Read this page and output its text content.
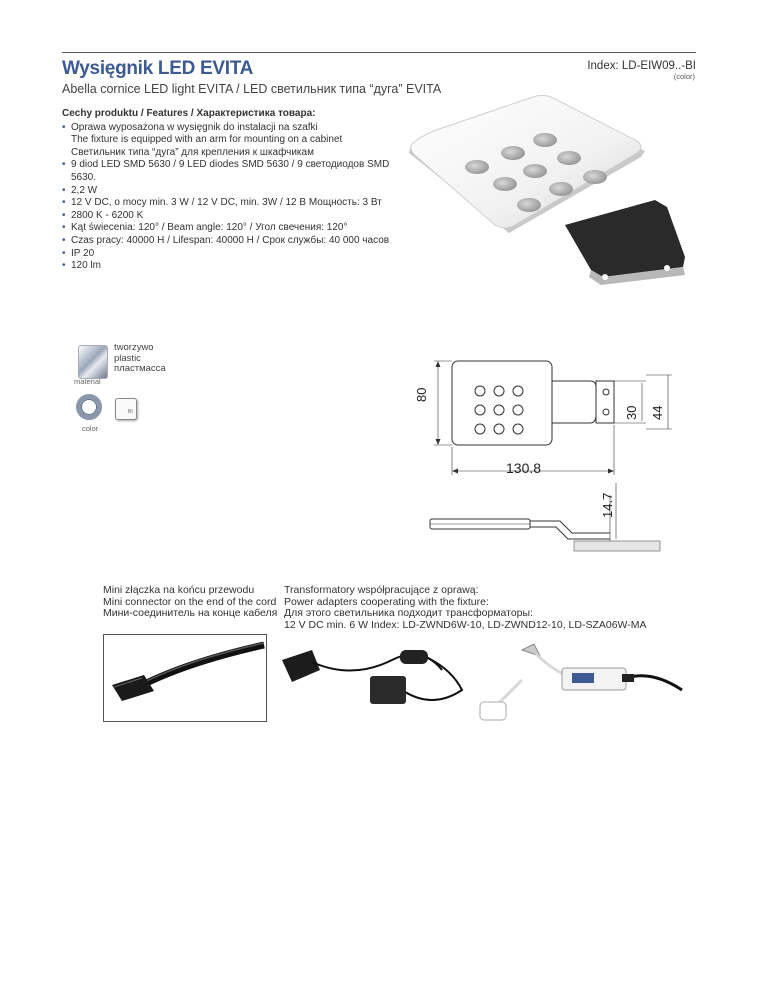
Wysięgnik LED EVITA
Abella cornice LED light EVITA / LED светильник типа “дуга” EVITA
Index: LD-EIW09..-BI
(color)
Cechy produktu / Features / Характеристика товара:
• Oprawa wyposażona w wysięgnik do instalacji na szafki
The fixture is equipped with an arm for mounting on a cabinet
Светильник типа “дуга” для крепления к шкафчикам
• 9 diod LED SMD 5630 / 9 LED diodes SMD 5630 / 9 светодиодов SMD 5630.
• 2,2 W
• 12 V DC, o mocy min. 3 W / 12 V DC, min. 3W / 12 В Мощность: 3 Вт
• 2800 K - 6200 K
• Kąt świecenia: 120° / Beam angle: 120° / Угол свечения: 120°
• Czas pracy: 40000 H / Lifespan: 40000 H / Срок службы: 40 000 часов
• IP 20
• 120 lm
material
tworzywo
plastic
пластмасса
color
BI
80
30 44
130.8
14.7
Mini złączka na końcu przewodu
Mini connector on the end of the cord
Мини-соединитель на конце кабеля
Transformatory współpracujące z oprawą:
Power adapters cooperating with the fixture:
Для этого светильника подходит трансформаторы:
12 V DC min. 6 W Index: LD-ZWND6W-10, LD-ZWND12-10, LD-SZA06W-MA
